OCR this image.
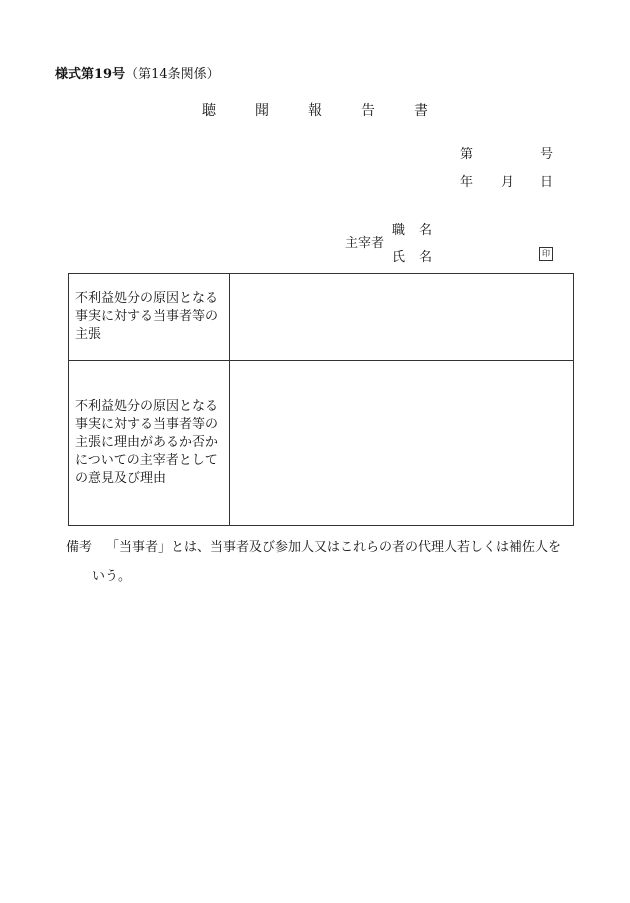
様式第19号（第14条関係）
聴	聞	報	告	書
第	号
年 月 日
主宰者
職 名
氏 名	印
不利益処分の原因となる事実に対する当事者等の主張	
不利益処分の原因となる事実に対する当事者等の主張に理由があるか否かについての主宰者としての意見及び理由	
備考 「当事者」とは、当事者及び参加人又はこれらの者の代理人若しくは補佐人を
いう。
